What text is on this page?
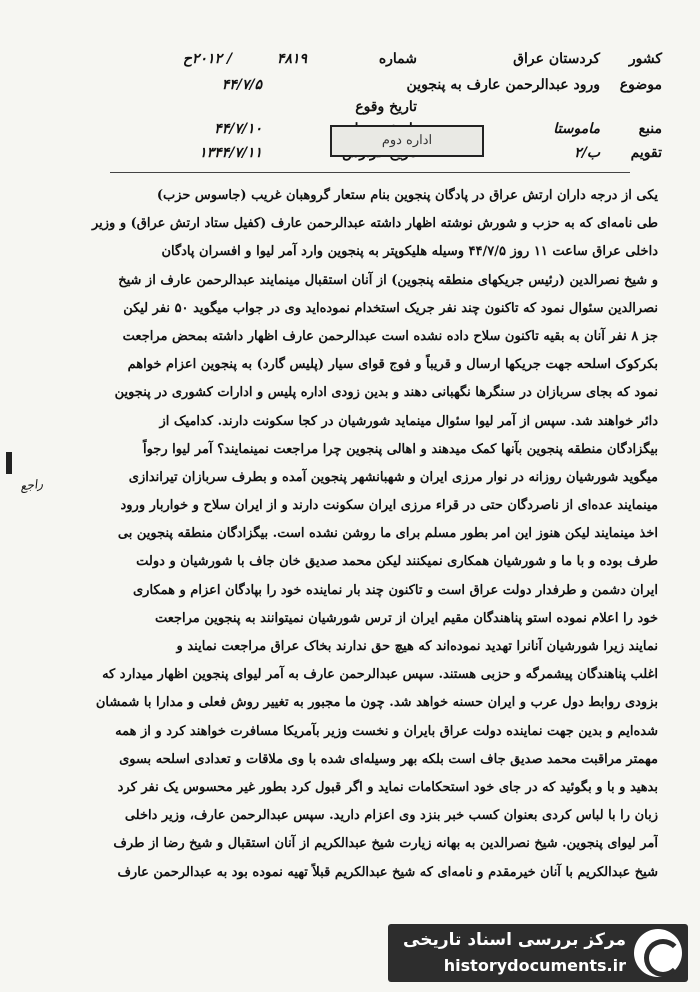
کشور
کردستان عراق
شماره
۴۸۱۹
/ ۲۰۱۲ح
موضوع
ورود عبدالرحمن عارف به پنجوین
۴۴/۷/۵
تاریخ وقوع
منبع
ماموستا
۴۴/۷/۱۰
تقویم
ب/۲
۱۳۴۴/۷/۱۱
اداره دوم
یکی از درجه داران ارتش عراق در پادگان پنجوین بنام ستعار گروهبان غریب (جاسوس حزب)
طی نامه‌ای که به حزب و شورش نوشته اظهار داشته عبدالرحمن عارف (کفیل ستاد ارتش عراق) و وزیر
داخلی عراق ساعت ۱۱ روز ۴۴/۷/۵ وسیله هلیکوپتر به پنجوین وارد آمر لیوا و افسران پادگان
و شیخ نصرالدین (رئیس جریکهای منطقه پنجوین) از آنان استقبال مینمایند عبدالرحمن عارف از شیخ
نصرالدین سئوال نمود که تاکنون چند نفر جریک استخدام نموده‌اید وی در جواب میگوید ۵۰ نفر لیکن
جز ۸ نفر آنان به بقیه تاکنون سلاح داده نشده است عبدالرحمن عارف اظهار داشته بمحض مراجعت
بکرکوک اسلحه جهت جریکها ارسال و قریباً و فوج قوای سیار (پلیس گارد) به پنجوین اعزام خواهم
نمود که بجای سربازان در سنگرها نگهبانی دهند و بدین زودی اداره پلیس و ادارات کشوری در پنجوین
دائر خواهند شد. سپس از آمر لیوا سئوال مینماید شورشیان در کجا سکونت دارند. کدامیک از
بیگزادگان منطقه پنجوین بآنها کمک میدهند و اهالی پنجوین چرا مراجعت نمینمایند؟ آمر لیوا رجواً
میگوید شورشیان روزانه در نوار مرزی ایران و شهبانشهر پنجوین آمده و بطرف سربازان تیراندازی
مینمایند عده‌ای از ناصردگان حتی در قراء مرزی ایران سکونت دارند و از ایران سلاح و خواربار ورود
اخذ مینمایند لیکن هنوز این امر بطور مسلم برای ما روشن نشده است. بیگزادگان منطقه پنجوین بی
طرف بوده و با ما و شورشیان همکاری نمیکنند لیکن محمد صدیق خان جاف با شورشیان و دولت
ایران دشمن و طرفدار دولت عراق است و تاکنون چند بار نماینده خود را بپادگان اعزام و همکاری
خود را اعلام نموده استو پناهندگان مقیم ایران از ترس شورشیان نمیتوانند به پنجوین مراجعت
نمایند زیرا شورشیان آنانرا تهدید نموده‌اند که هیچ حق ندارند بخاک عراق مراجعت نمایند و
اغلب پناهندگان پیشمرگه و حزبی هستند. سپس عبدالرحمن عارف به آمر لیوای پنجوین اظهار میدارد که
بزودی روابط دول عرب و ایران حسنه خواهد شد. چون ما مجبور به تغییر روش فعلی و مدارا با شمشان
شده‌ایم و بدین جهت نماینده دولت عراق بایران و نخست وزیر بآمریکا مسافرت خواهند کرد و از همه
مهمتر مراقبت محمد صدیق جاف است بلکه بهر وسیله‌ای شده با وی ملاقات و تعدادی اسلحه بسوی
بدهید و با و بگوئید که در جای خود استحکامات نماید و اگر قبول کرد بطور غیر محسوس یک نفر کرد
زبان را با لباس کردی بعنوان کسب خبر بنزد وی اعزام دارید. سپس عبدالرحمن عارف، وزیر داخلی
آمر لیوای پنجوین. شیخ نصرالدین به بهانه زیارت شیخ عبدالکریم از آنان استقبال و شیخ رضا از طرف
شیخ عبدالکریم با آنان خیرمقدم و نامه‌ای که شیخ عبدالکریم قبلاً تهیه نموده بود به عبدالرحمن عارف
راجع
مرکز بررسی اسناد تاریخی
historydocuments.ir
